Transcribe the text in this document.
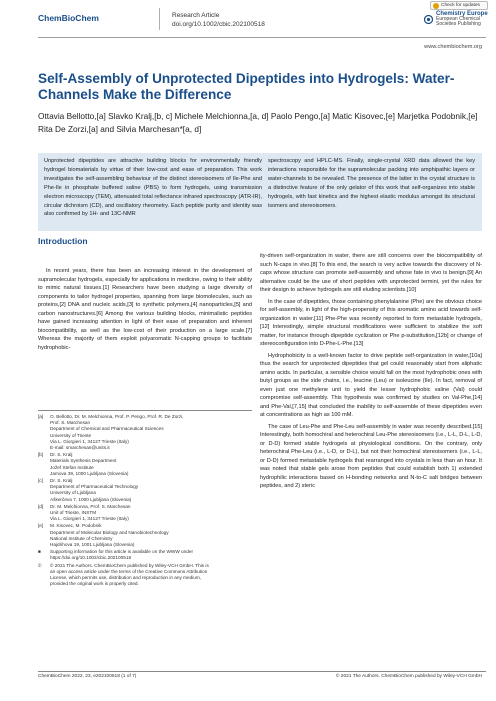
ChemBioChem	Research Article
doi.org/10.1002/cbic.202100518
Check for updates
Chemistry Europe
European Chemical
Societies Publishing
www.chembiochem.org
Self-Assembly of Unprotected Dipeptides into Hydrogels: Water-Channels Make the Difference
Ottavia Bellotto,[a] Slavko Kralj,[b, c] Michele Melchionna,[a, d] Paolo Pengo,[a] Matic Kisovec,[e] Marjetka Podobnik,[e] Rita De Zorzi,[a] and Silvia Marchesan*[a, d]
Unprotected dipeptides are attractive building blocks for environmentally friendly hydrogel biomaterials by virtue of their low-cost and ease of preparation. This work investigates the self-assembling behaviour of the distinct stereoisomers of Ile-Phe and Phe-Ile in phosphate buffered saline (PBS) to form hydrogels, using transmission electron microscopy (TEM), attenuated total reflectance infrared spectroscopy (ATR-IR), circular dichroism (CD), and oscillatory rheometry. Each peptide purity and identity was also confirmed by 1H- and 13C-NMR
spectroscopy and HPLC-MS. Finally, single-crystal XRD data allowed the key interactions responsible for the supramolecular packing into amphipathic layers or water-channels to be revealed. The presence of the latter in the crystal structure is a distinctive feature of the only gelator of this work that self-organizes into stable hydrogels, with fast kinetics and the highest elastic modulus amongst its structural isomers and stereoisomers.
Introduction

In recent years, there has been an increasing interest in the development of supramolecular hydrogels, especially for applications in medicine, owing to their ability to mimic natural tissues.[1] Researchers have been studying a large diversity of components to tailor hydrogel properties, spanning from large biomolecules, such as proteins,[2] DNA and nucleic acids,[3] to synthetic polymers,[4] nanoparticles,[5] and carbon nanostructures.[6] Among the various building blocks, minimalistic peptides have gained increasing attention in light of their ease of preparation and inherent biocompatibility, as well as the low-cost of their production on a large scale.[7] Whereas the majority of them exploit polyaromatic N-capping groups to facilitate hydrophobic-

[a]	O. Bellotto, Dr. M. Melchionna, Prof. P. Pengo, Prof. R. De Zorzi,
Prof. S. Marchesan
Department of Chemical and Pharmaceutical Sciences
University of Trieste
Via L. Giorgieri 1, 34127 Trieste (Italy)
E-mail: smarchesan@units.it
[b]	Dr. S. Kralj
Materials Synthesis Department
Jožef Stefan Institute
Jamova 39, 1000 Ljubljana (Slovenia)
[c]	Dr. S. Kralj
Department of Pharmaceutical Technology
University of Ljubljana
Aškerčeva 7, 1000 Ljubljana (Slovenia)
[d]	Dr. M. Melchionna, Prof. S. Marchesan
Unit of Trieste, INSTM
Via L. Giorgieri 1, 34127 Trieste (Italy)
[e]	M. Kisovec, M. Podobnik
Department of Molecular Biology and Nanobiotechnology
National Institute of Chemistry
Hajdrihova 19, 1001 Ljubljana (Slovenia)
■	Supporting information for this article is available on the WWW under
https://doi.org/10.1002/cbic.202100518
©	© 2021 The Authors. ChemBioChem published by Wiley-VCH GmbH. This is
an open access article under the terms of the Creative Commons Attribution
License, which permits use, distribution and reproduction in any medium,
provided the original work is properly cited.

ity-driven self-organization in water, there are still concerns over the biocompatibility of such N-caps in vivo.[8] To this end, the search is very active towards the discovery of N-caps whose structure can promote self-assembly and whose fate in vivo is benign.[9] An alternative could be the use of short peptides with unprotected termini, yet the rules for their design to achieve hydrogels are still eluding scientists.[10]

In the case of dipeptides, those containing phenylalanine (Phe) are the obvious choice for self-assembly, in light of the high-propensity of this aromatic amino acid towards self-organization in water.[11] Phe-Phe was recently reported to form metastable hydrogels,[12] Interestingly, simple structural modifications were sufficient to stabilize the soft matter, for instance through dipeptide cyclization or Phe p-substitution,[12b] or change of stereoconfiguration into D-Phe-L-Phe.[13]

Hydrophobicity is a well-known factor to drive peptide self-organization in water,[10a] thus the search for unprotected dipeptides that gel could reasonably start from aliphatic amino acids. In particular, a sensible choice would fall on the most hydrophobic ones with butyl groups as the side chains, i.e., leucine (Leu) or isoleucine (Ile). In fact, removal of even just one methylene unit to yield the lesser hydrophobic valine (Val) could compromise self-assembly. This hypothesis was confirmed by studies on Val-Phe,[14] and Phe-Val,[7,15] that concluded the inability to self-assemble of these dipeptides even at concentrations as high as 100 mM.

The case of Leu-Phe and Phe-Leu self-assembly in water was recently described.[15] Interestingly, both homochiral and heterochiral Leu-Phe stereoisomers (i.e., L-L, D-L, L-D, or D-D) formed stable hydrogels at physiological conditions. On the contrary, only heterochiral Phe-Leu (i.e., L-D, or D-L), but not their homochiral stereoisomers (i.e., L-L, or D-D) formed metastable hydrogels that rearranged into crystals in less than an hour. It was noted that stable gels arose from peptides that could establish both 1) extended hydrophilic interactions based on H-bonding networks and N-to-C salt bridges between peptides, and 2) steric

ChemBioChem 2022, 23, e202100518 (1 of 7)	© 2021 The Authors. ChemBioChem published by Wiley-VCH GmbH
